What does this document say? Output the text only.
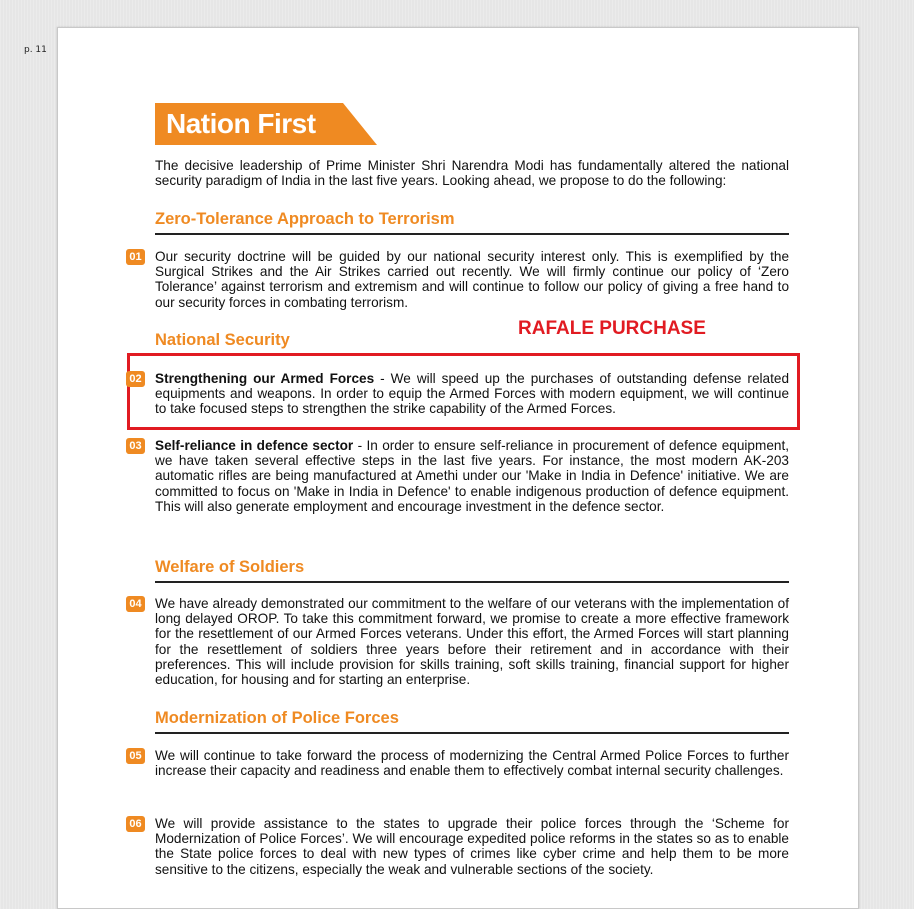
p. 11
Nation First

The decisive leadership of Prime Minister Shri Narendra Modi has fundamentally altered the national security paradigm of India in the last five years. Looking ahead, we propose to do the following:

Zero-Tolerance Approach to Terrorism
01 Our security doctrine will be guided by our national security interest only. This is exemplified by the Surgical Strikes and the Air Strikes carried out recently. We will firmly continue our policy of ‘Zero Tolerance’ against terrorism and extremism and will continue to follow our policy of giving a free hand to our security forces in combating terrorism.

National Security
RAFALE PURCHASE
02 Strengthening our Armed Forces - We will speed up the purchases of outstanding defense related equipments and weapons. In order to equip the Armed Forces with modern equipment, we will continue to take focused steps to strengthen the strike capability of the Armed Forces.

03 Self-reliance in defence sector - In order to ensure self-reliance in procurement of defence equipment, we have taken several effective steps in the last five years. For instance, the most modern AK-203 automatic rifles are being manufactured at Amethi under our 'Make in India in Defence' initiative. We are committed to focus on 'Make in India in Defence' to enable indigenous production of defence equipment. This will also generate employment and encourage investment in the defence sector.

Welfare of Soldiers
04 We have already demonstrated our commitment to the welfare of our veterans with the implementation of long delayed OROP. To take this commitment forward, we promise to create a more effective framework for the resettlement of our Armed Forces veterans. Under this effort, the Armed Forces will start planning for the resettlement of soldiers three years before their retirement and in accordance with their preferences. This will include provision for skills training, soft skills training, financial support for higher education, for housing and for starting an enterprise.

Modernization of Police Forces
05 We will continue to take forward the process of modernizing the Central Armed Police Forces to further increase their capacity and readiness and enable them to effectively combat internal security challenges.

06 We will provide assistance to the states to upgrade their police forces through the ‘Scheme for Modernization of Police Forces’. We will encourage expedited police reforms in the states so as to enable the State police forces to deal with new types of crimes like cyber crime and help them to be more sensitive to the citizens, especially the weak and vulnerable sections of the society.
